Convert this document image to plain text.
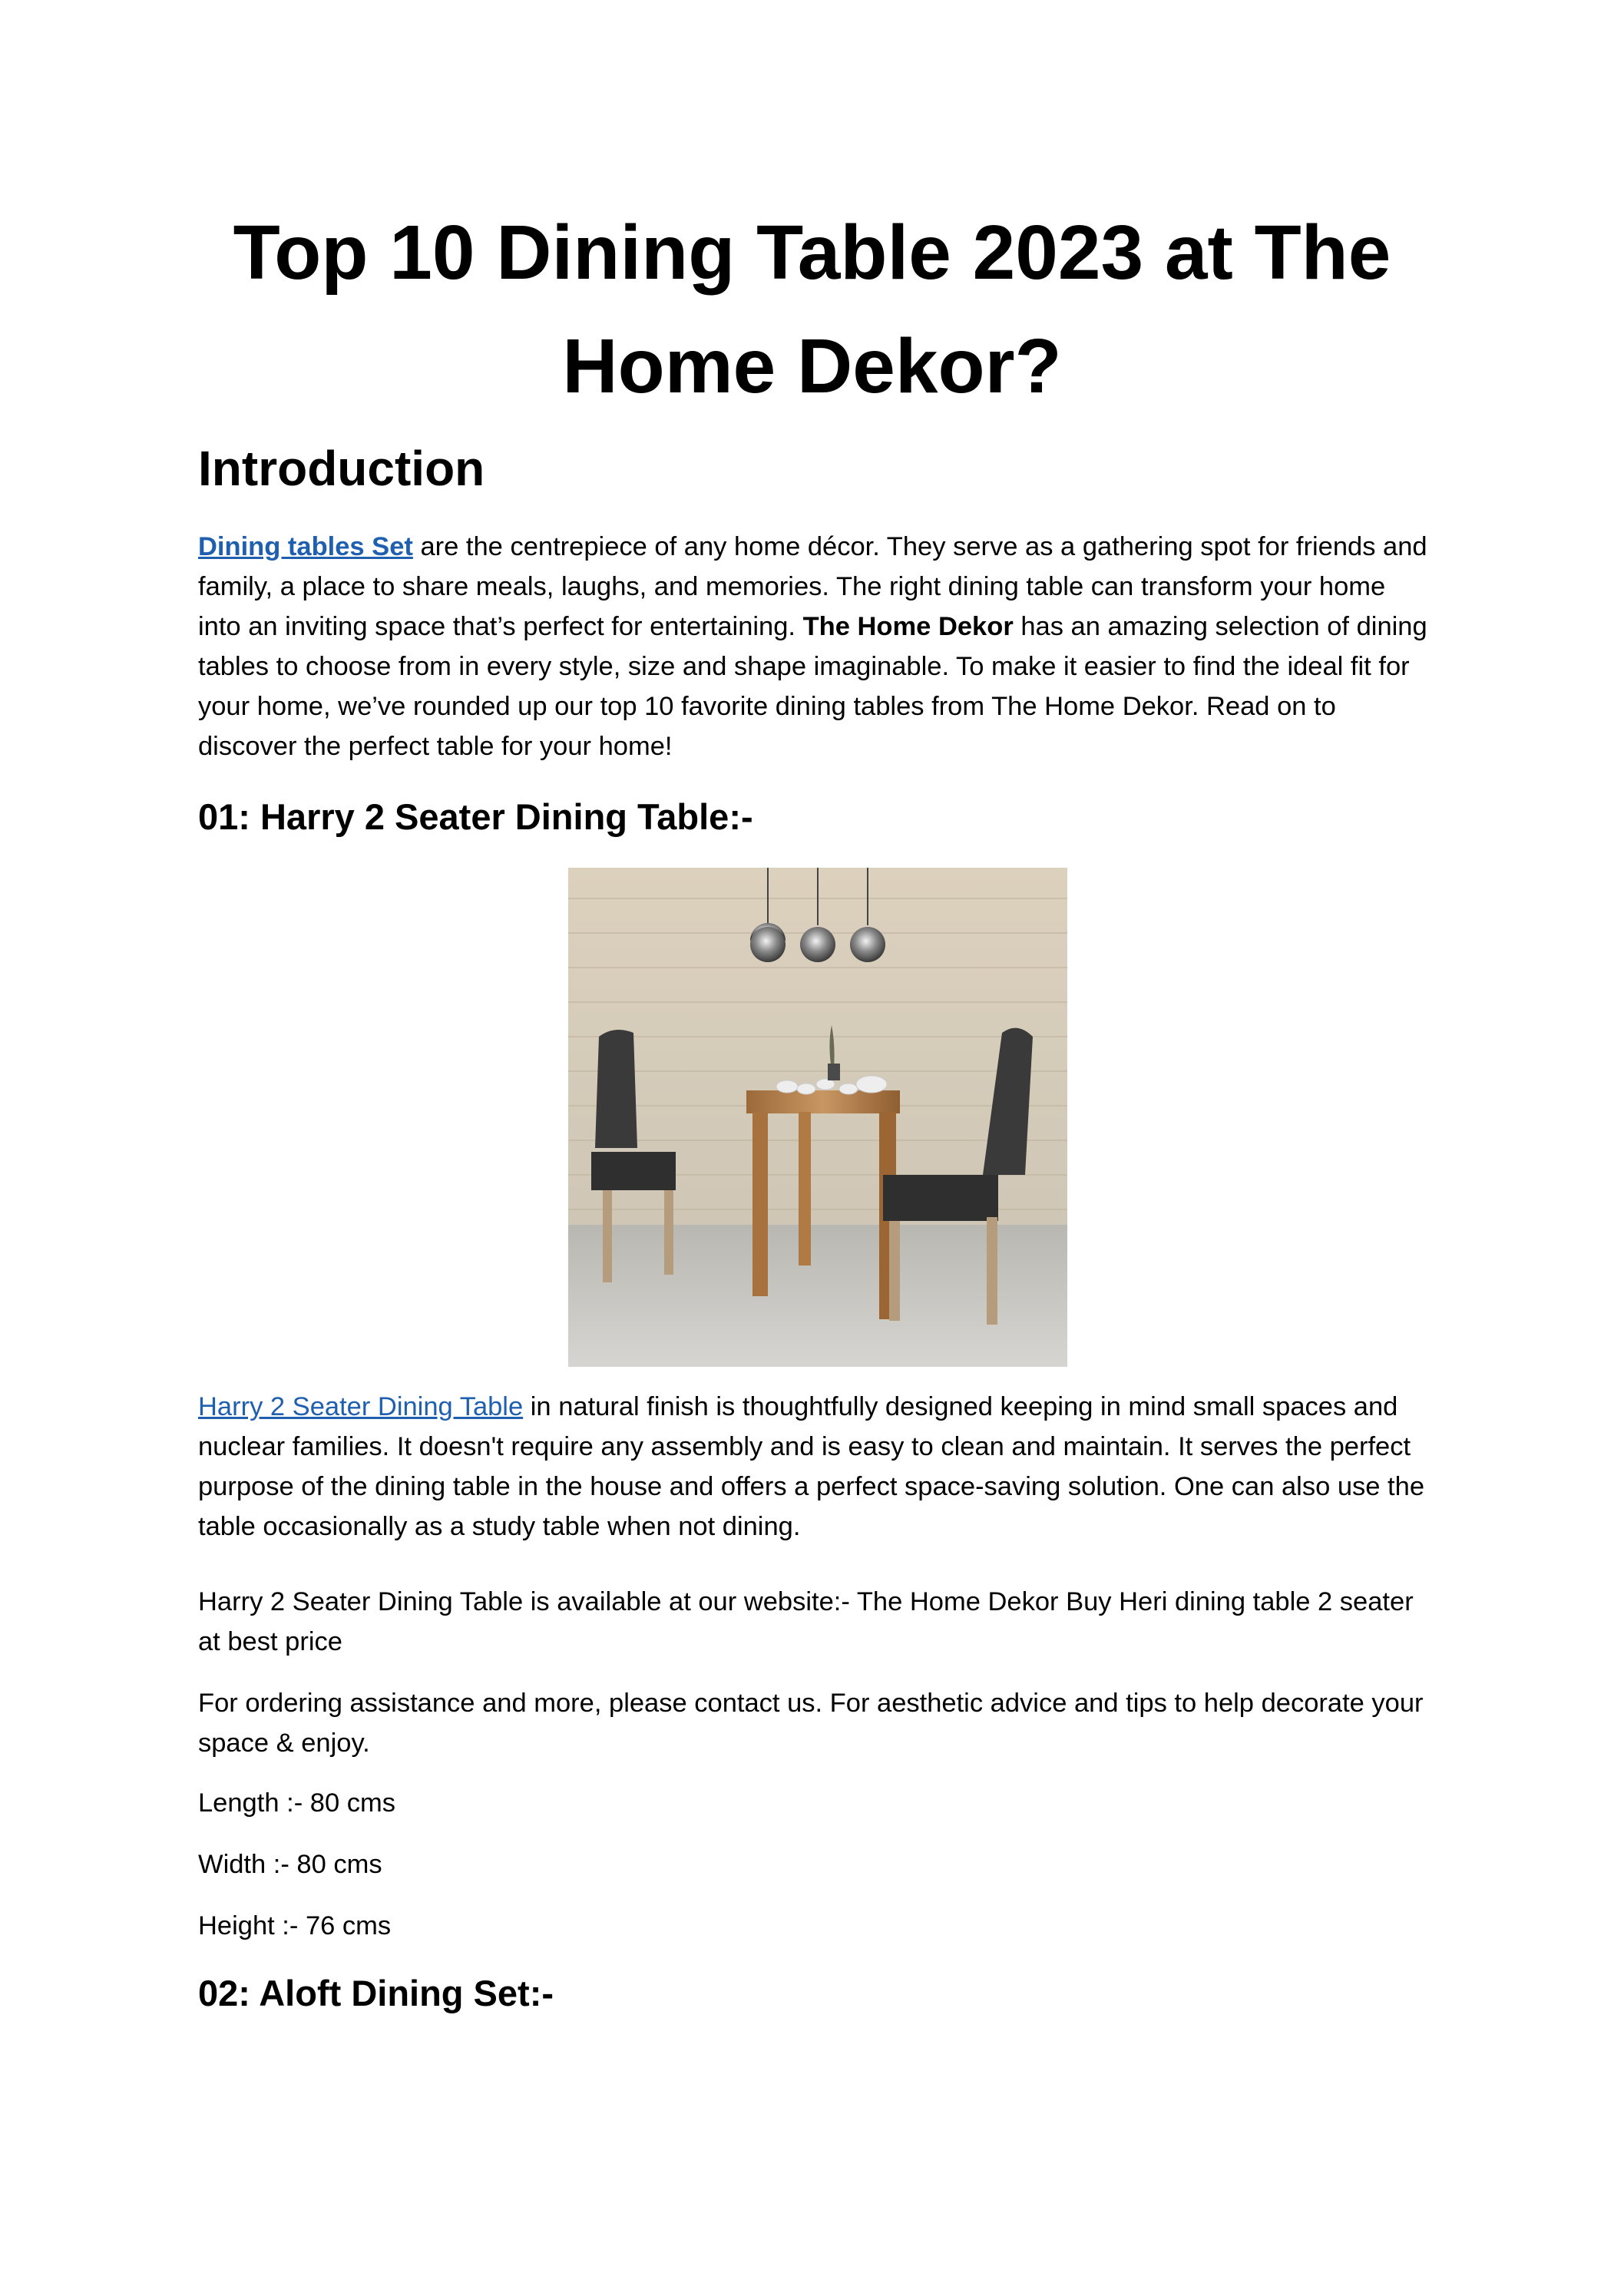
Top 10 Dining Table 2023 at The Home Dekor?
Introduction

Dining tables Set are the centrepiece of any home décor. They serve as a gathering spot for friends and family, a place to share meals, laughs, and memories. The right dining table can transform your home into an inviting space that’s perfect for entertaining. The Home Dekor has an amazing selection of dining tables to choose from in every style, size and shape imaginable. To make it easier to find the ideal fit for your home, we’ve rounded up our top 10 favorite dining tables from The Home Dekor. Read on to discover the perfect table for your home!

01: Harry 2 Seater Dining Table:-

Harry 2 Seater Dining Table in natural finish is thoughtfully designed keeping in mind small spaces and nuclear families. It doesn't require any assembly and is easy to clean and maintain. It serves the perfect purpose of the dining table in the house and offers a perfect space-saving solution. One can also use the table occasionally as a study table when not dining.

Harry 2 Seater Dining Table is available at our website:- The Home Dekor Buy Heri dining table 2 seater at best price

For ordering assistance and more, please contact us. For aesthetic advice and tips to help decorate your space & enjoy.

Length :- 80 cms

Width :- 80 cms

Height :- 76 cms

02: Aloft Dining Set:-
